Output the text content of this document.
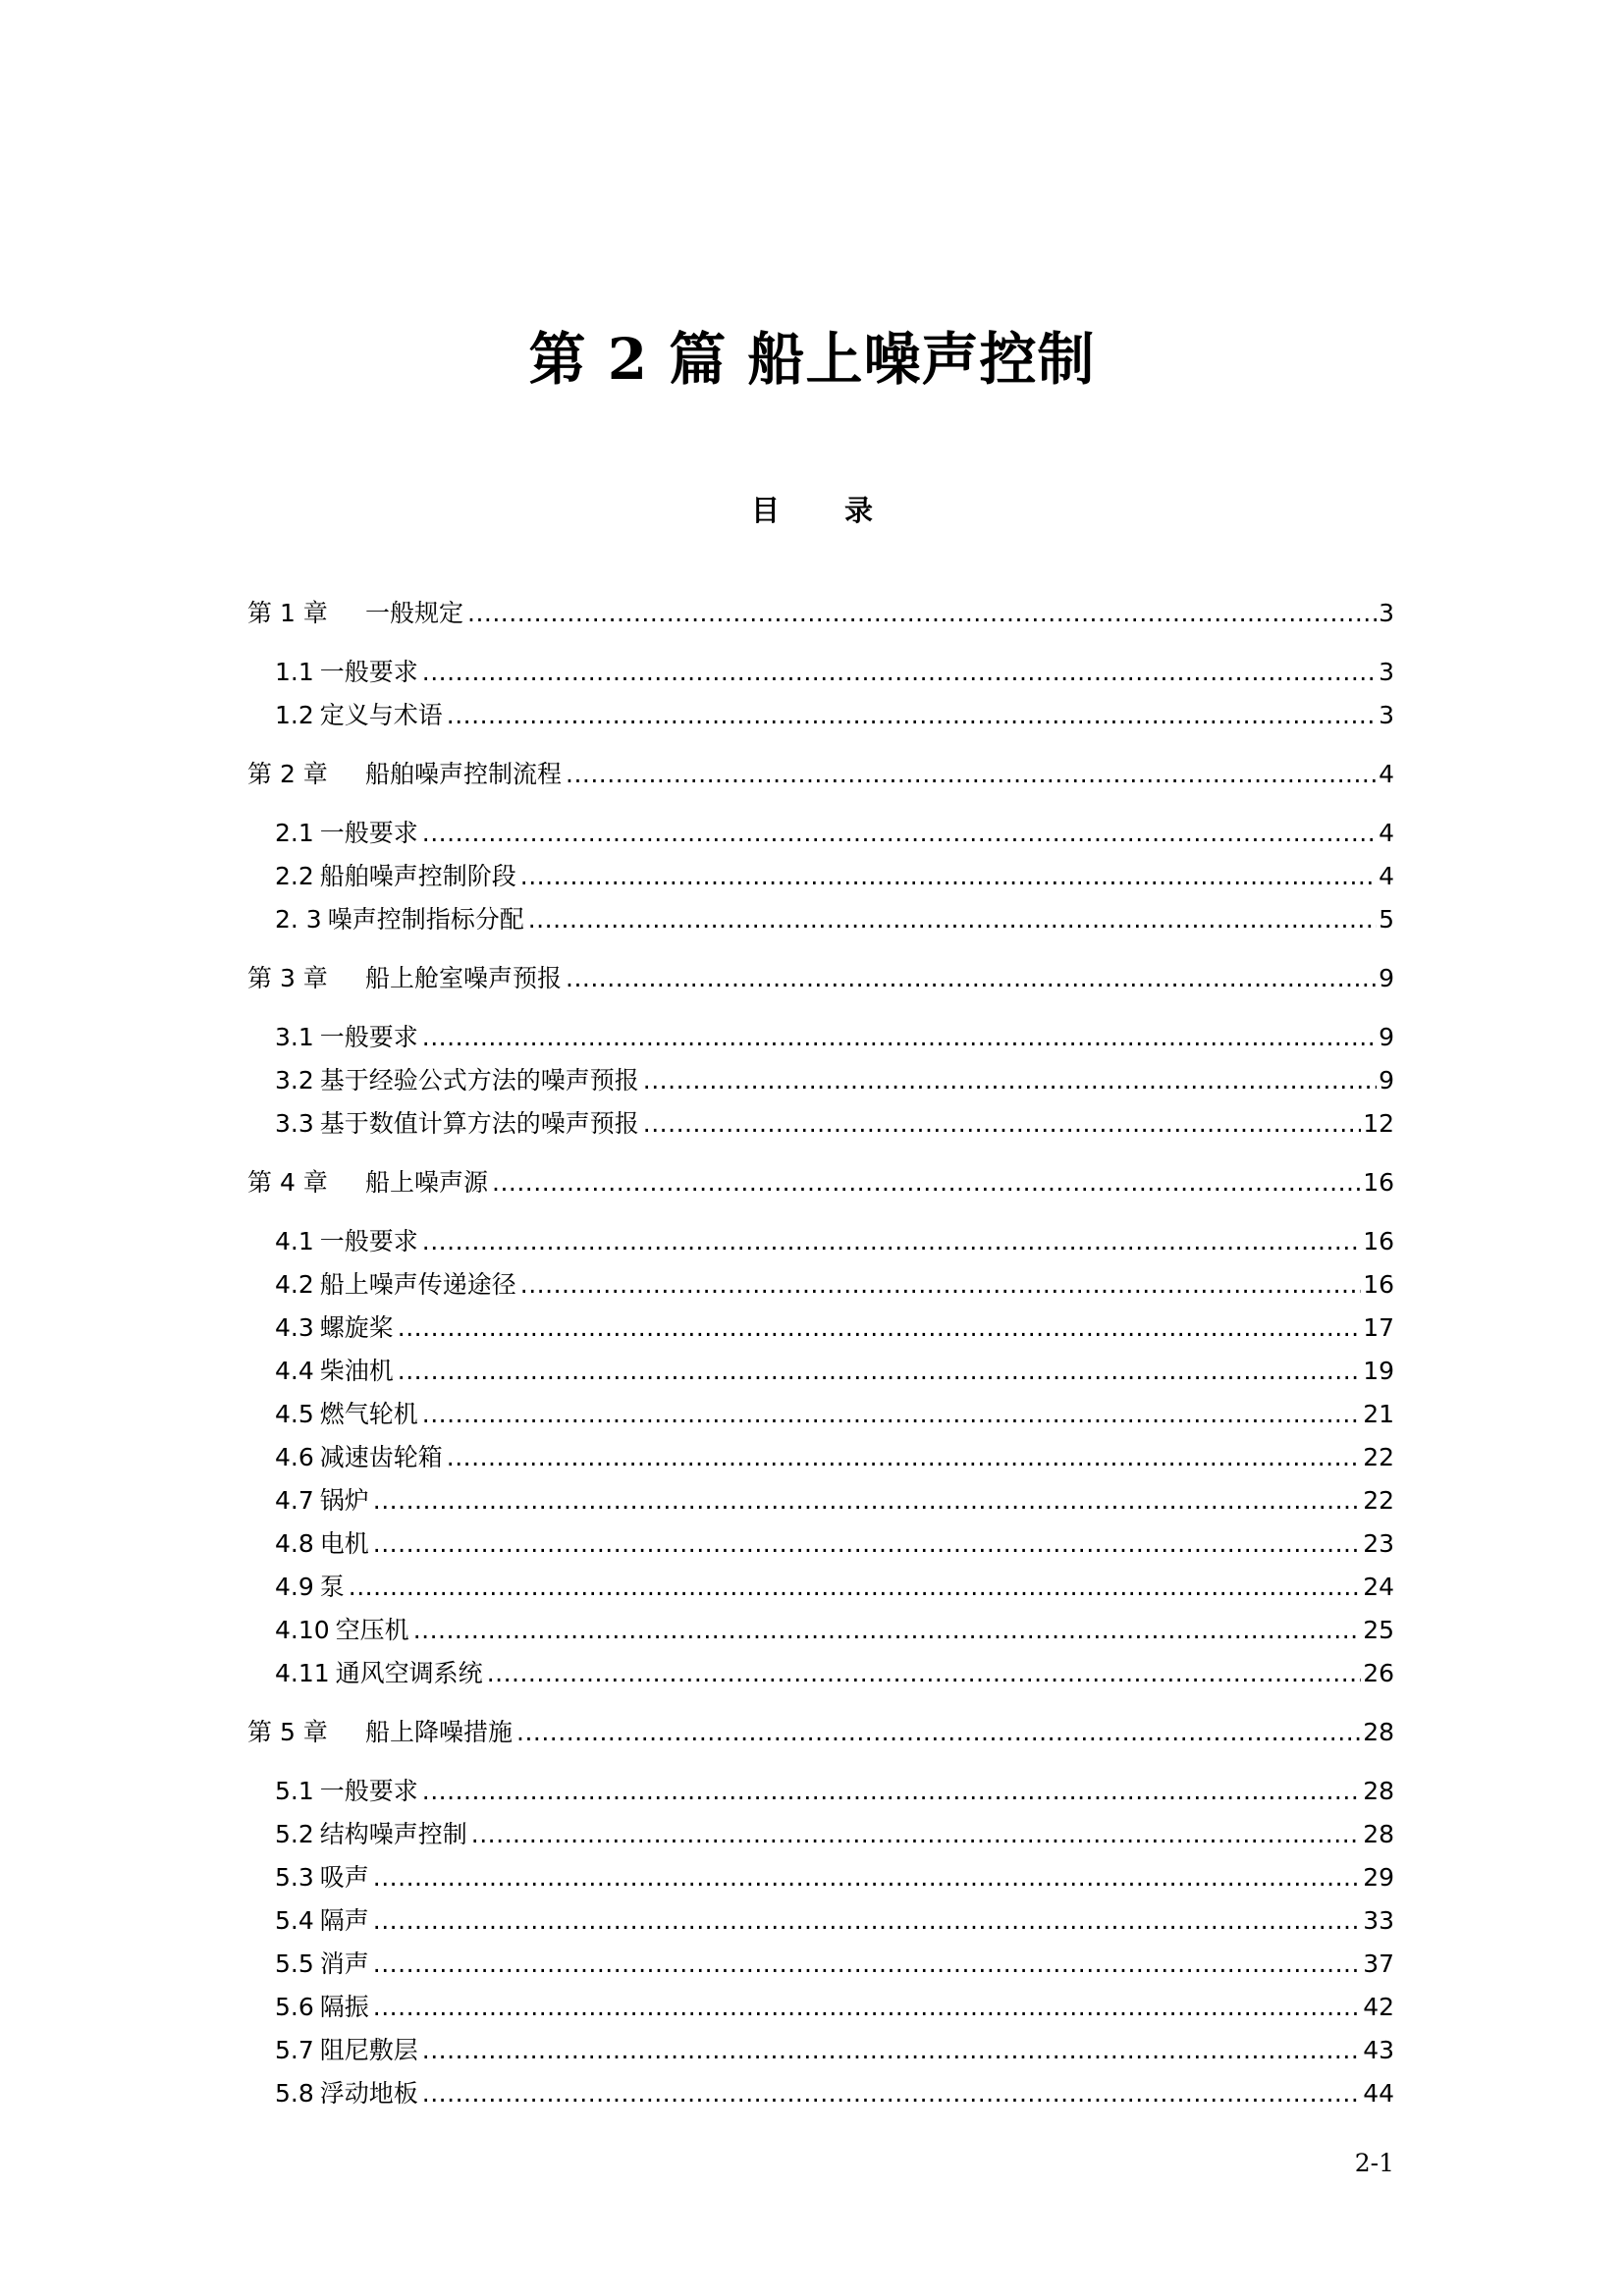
第 2 篇 船上噪声控制
目 录
第 1 章	一般规定 .....	3
1.1 一般要求 .....	3
1.2 定义与术语 .....	3
第 2 章	船舶噪声控制流程 .....	4
2.1 一般要求 .....	4
2.2 船舶噪声控制阶段 .....	4
2. 3 噪声控制指标分配 .....	5
第 3 章	船上舱室噪声预报 .....	9
3.1 一般要求 .....	9
3.2 基于经验公式方法的噪声预报 .....	9
3.3 基于数值计算方法的噪声预报 .....	12
第 4 章	船上噪声源 .....	16
4.1 一般要求 .....	16
4.2 船上噪声传递途径 .....	16
4.3 螺旋桨 .....	17
4.4 柴油机 .....	19
4.5 燃气轮机 .....	21
4.6 减速齿轮箱 .....	22
4.7 锅炉 .....	22
4.8 电机 .....	23
4.9 泵 .....	24
4.10 空压机 .....	25
4.11 通风空调系统 .....	26
第 5 章	船上降噪措施 .....	28
5.1 一般要求 .....	28
5.2 结构噪声控制 .....	28
5.3 吸声 .....	29
5.4 隔声 .....	33
5.5 消声 .....	37
5.6 隔振 .....	42
5.7 阻尼敷层 .....	43
5.8 浮动地板 .....	44
2-1
